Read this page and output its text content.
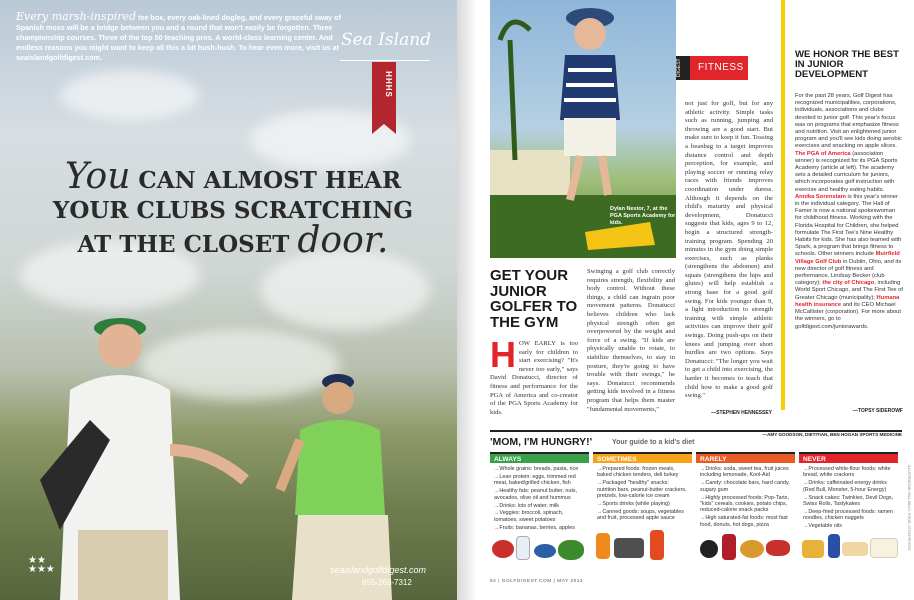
Every marsh-inspired tee box, every oak-lined dogleg, and every graceful sway of Spanish moss will be a bridge between you and a round that won't easily be forgotten. Three championship courses. Three of the top 50 teaching pros. A world-class learning center. And endless reasons you might want to keep all this a bit hush-hush. To hear even more, visit us at seaislandgolfdigest.com.
Sea Island
HHHS
You CAN ALMOST HEAR
YOUR CLUBS SCRATCHING
AT THE CLOSET door.
★★
★★★	seaislandgolfdigest.com
855-269-7312
Dylan Nestor, 7, at the PGA Sports Academy for kids.
DIGEST	FITNESS
GET YOUR JUNIOR GOLFER TO THE GYM
HOW EARLY is too early for children to start exercising? "It's never too early," says David Donatucci, director of fitness and performance for the PGA of America and co-creator of the PGA Sports Academy for kids.
Swinging a golf club correctly requires strength, flexibility and body control. Without these things, a child can ingrain poor movement patterns. Donatucci believes children who lack physical strength often get overpowered by the weight and force of a swing. "If kids are physically unable to rotate, to stabilize themselves, to stay in posture, they're going to have trouble with their swings," he says. Donatucci recommends getting kids involved in a fitness program that helps them master "fundamental movements,"
not just for golf, but for any athletic activity. Simple tasks such as running, jumping and throwing are a good start. But make sure to keep it fun. Tossing a beanbag to a target improves distance control and depth perception, for example, and playing soccer or running relay races with friends improves coordination under duress. Although it depends on the child's maturity and physical development, Donatucci suggests that kids, ages 9 to 12, begin a structured strength-training program. Spending 20 minutes in the gym doing simple exercises, such as planks (strengthens the abdomen) and squats (strengthens the hips and glutes) will help establish a strong base for a good golf swing. For kids younger than 9, a light introduction to strength training with simple athletic activities can improve their golf swings. Doing push-ups on their knees and jumping over short hurdles are two options. Says Donatucci: "The longer you wait to get a child into exercising, the harder it becomes to teach that child how to make a good golf swing."
—STEPHEN HENNESSEY
WE HONOR THE BEST IN JUNIOR DEVELOPMENT
For the past 28 years, Golf Digest has recognized municipalities, corporations, individuals, associations and clubs devoted to junior golf. This year's focus was on programs that emphasize fitness and nutrition. Visit an enlightened junior program and you'll see kids doing aerobic exercises and snacking on apple slices. The PGA of America (association winner) is recognized for its PGA Sports Academy (article at left). The academy sets a detailed curriculum for juniors, which incorporates golf instruction with exercise and healthy eating habits. Annika Sorenstam is this year's winner in the individual category. The Hall of Famer is now a national spokeswoman for childhood fitness. Working with the Florida Hospital for Children, she helped formulate The First Tee's Nine Healthy Habits for kids. She has also teamed with Spark, a program that brings fitness to schools. Other winners include Muirfield Village Golf Club in Dublin, Ohio, and its new director of golf fitness and performance, Lindsay Becker (club category); the city of Chicago, including World Sport Chicago, and The First Tee of Greater Chicago (municipality); Humana health insurance and its CEO Michael McCallister (corporation). For more about the winners, go to golfdigest.com/juniorawards.
—TOPSY SIDEROWF
—AMY GOODSON, DIETITIAN, BEN HOGAN SPORTS MEDICINE
'MOM, I'M HUNGRY!'	Your guide to a kid's diet
ALWAYS
→ Whole grains: breads, pasta, rice
→ Lean protein: eggs, trimmed red meat, baked/grilled chicken, fish
→ Healthy fats: peanut butter, nuts, avocados, olive oil and hummus
→ Drinks: lots of water, milk
→ Veggies: broccoli, spinach, tomatoes, sweet potatoes
→ Fruits: bananas, berries, apples
SOMETIMES
→ Prepared foods: frozen meals, baked chicken tenders, deli turkey
→ Packaged "healthy" snacks: nutrition bars, peanut-butter crackers, pretzels, low-calorie ice cream
→ Sports drinks (while playing)
→ Canned goods: soups, vegetables and fruit, processed apple sauce
RARELY
→ Drinks: soda, sweet tea, fruit juices including lemonade, Kool-Aid
→ Candy: chocolate bars, hard candy, sugary gum
→ Highly processed foods: Pop-Tarts, "kids" cereals, cookies, potato chips, reduced-calorie snack packs
→ High saturated-fat foods: most fast food, donuts, hot dogs, pizza
NEVER
→ Processed white-flour foods: white bread, white crackers
→ Drinks: caffeinated energy drinks (Red Bull, Monster, 5-hour Energy)
→ Snack cakes: Twinkies, Devil Dogs, Swiss Rolls, Tastykakes
→ Deep-fried processed foods: ramen noodles, chicken nuggets
→ Vegetable oils
64 | GOLFDIGEST.COM | MAY 2012
ILLUSTRATION: BILL WILLY; FOOD: STOCKPHOTO
